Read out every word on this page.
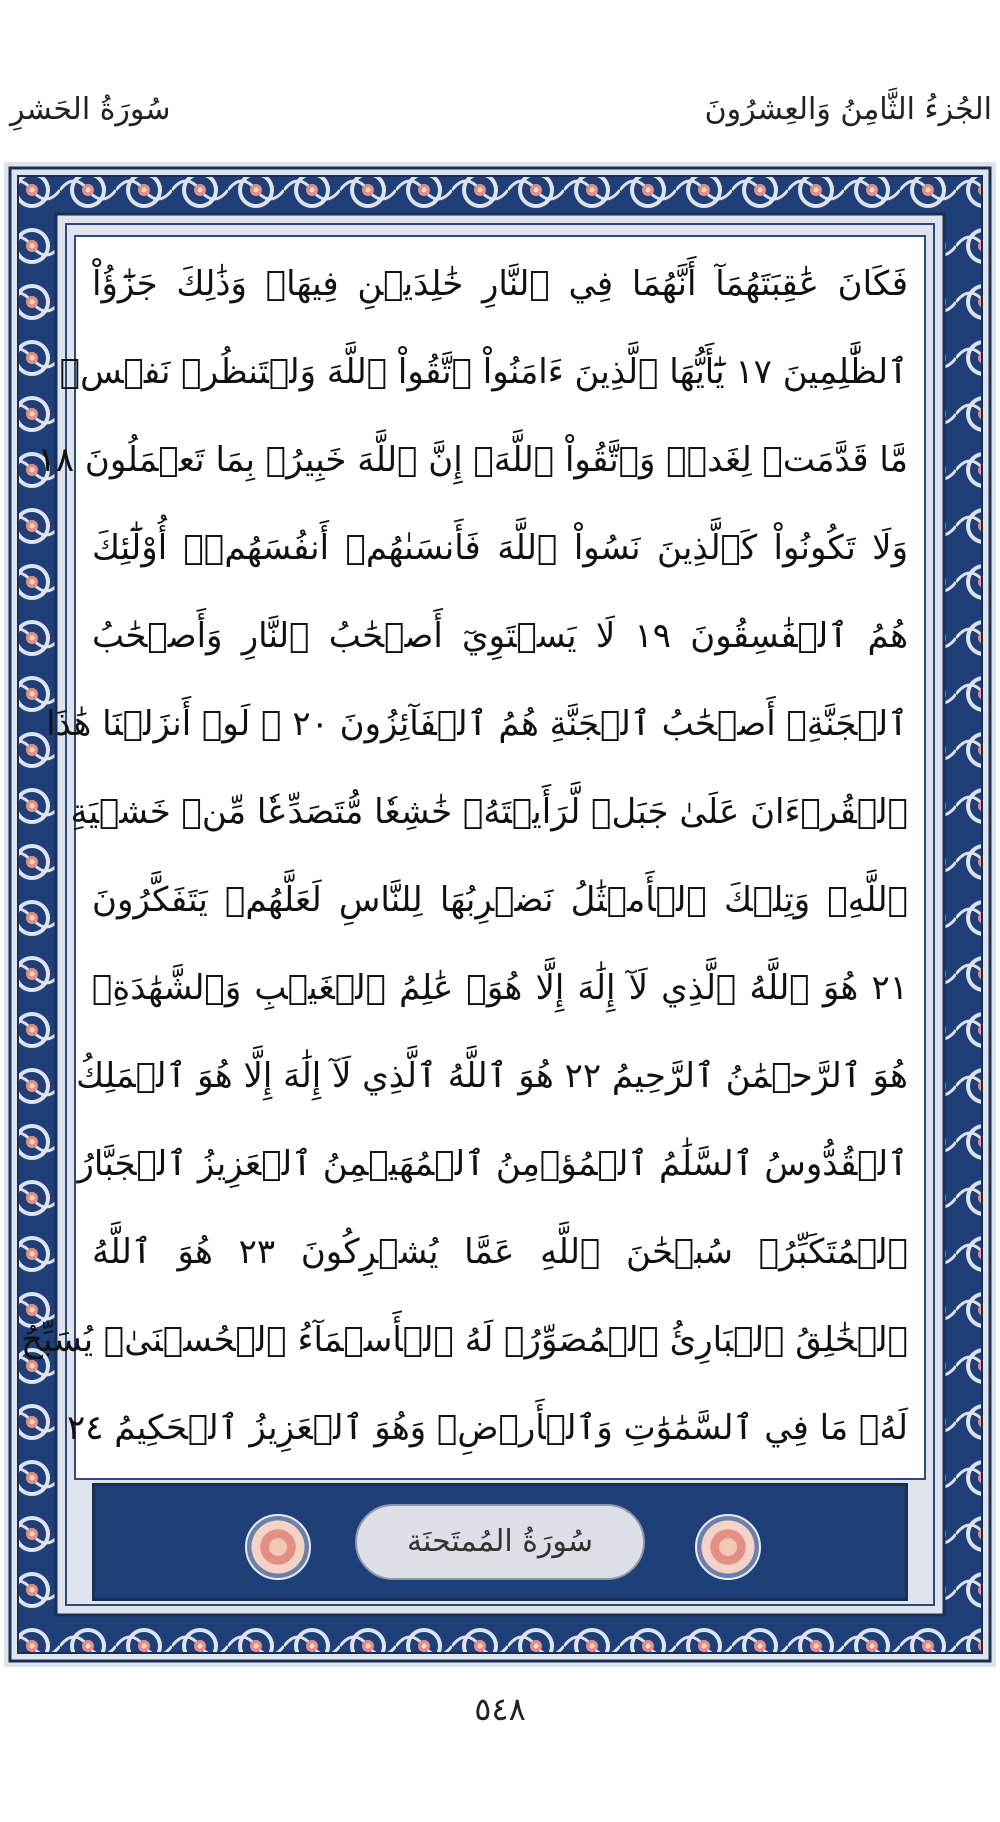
الجُزءُ الثَّامِنُ وَالعِشرُونَ
سُورَةُ الحَشرِ
فَكَانَ عَٰقِبَتَهُمَآ أَنَّهُمَا فِي ٱلنَّارِ خَٰلِدَيۡنِ فِيهَاۚ وَذَٰلِكَ جَزَٰٓؤُاْ
ٱلظَّٰلِمِينَ ١٧ يَٰٓأَيُّهَا ٱلَّذِينَ ءَامَنُواْ ٱتَّقُواْ ٱللَّهَ وَلۡتَنظُرۡ نَفۡسٞ
مَّا قَدَّمَتۡ لِغَدٖۖ وَٱتَّقُواْ ٱللَّهَۚ إِنَّ ٱللَّهَ خَبِيرُۢ بِمَا تَعۡمَلُونَ ١٨
وَلَا تَكُونُواْ كَٱلَّذِينَ نَسُواْ ٱللَّهَ فَأَنسَىٰهُمۡ أَنفُسَهُمۡۚ أُوْلَٰٓئِكَ
هُمُ ٱلۡفَٰسِقُونَ ١٩ لَا يَسۡتَوِيٓ أَصۡحَٰبُ ٱلنَّارِ وَأَصۡحَٰبُ
ٱلۡجَنَّةِۚ أَصۡحَٰبُ ٱلۡجَنَّةِ هُمُ ٱلۡفَآئِزُونَ ٢٠ ۞ لَوۡ أَنزَلۡنَا هَٰذَا
ٱلۡقُرۡءَانَ عَلَىٰ جَبَلٖ لَّرَأَيۡتَهُۥ خَٰشِعٗا مُّتَصَدِّعٗا مِّنۡ خَشۡيَةِ
ٱللَّهِۚ وَتِلۡكَ ٱلۡأَمۡثَٰلُ نَضۡرِبُهَا لِلنَّاسِ لَعَلَّهُمۡ يَتَفَكَّرُونَ
٢١ هُوَ ٱللَّهُ ٱلَّذِي لَآ إِلَٰهَ إِلَّا هُوَۖ عَٰلِمُ ٱلۡغَيۡبِ وَٱلشَّهَٰدَةِۖ
هُوَ ٱلرَّحۡمَٰنُ ٱلرَّحِيمُ ٢٢ هُوَ ٱللَّهُ ٱلَّذِي لَآ إِلَٰهَ إِلَّا هُوَ ٱلۡمَلِكُ
ٱلۡقُدُّوسُ ٱلسَّلَٰمُ ٱلۡمُؤۡمِنُ ٱلۡمُهَيۡمِنُ ٱلۡعَزِيزُ ٱلۡجَبَّارُ
ٱلۡمُتَكَبِّرُۚ سُبۡحَٰنَ ٱللَّهِ عَمَّا يُشۡرِكُونَ ٢٣ هُوَ ٱللَّهُ
ٱلۡخَٰلِقُ ٱلۡبَارِئُ ٱلۡمُصَوِّرُۖ لَهُ ٱلۡأَسۡمَآءُ ٱلۡحُسۡنَىٰۚ يُسَبِّحُ
لَهُۥ مَا فِي ٱلسَّمَٰوَٰتِ وَٱلۡأَرۡضِۖ وَهُوَ ٱلۡعَزِيزُ ٱلۡحَكِيمُ ٢٤
سُورَةُ المُمتَحنَة
٥٤٨
